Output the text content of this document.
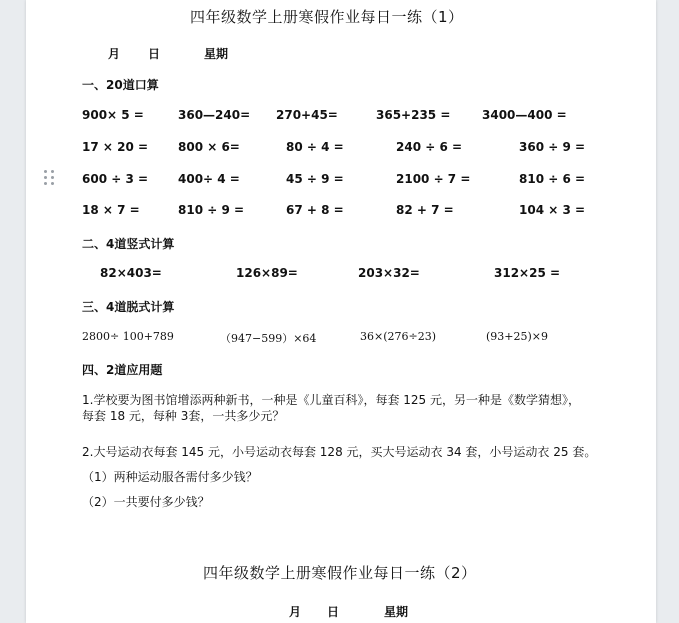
四年级数学上册寒假作业每日一练（1）
月 日	星期
一、20道口算
900× 5 =	360—240= 270+45=	365+235 =	3400—400 =
17 × 20 = 800 × 6=	80 ÷ 4 =	240 ÷ 6 =	360 ÷ 9 =
600 ÷ 3 = 400÷ 4 =	45 ÷ 9 =	2100 ÷ 7 =	810 ÷ 6 =
18 × 7 =	810 ÷ 9 =	67 + 8 =	82 + 7 =	104 × 3 =
二、4道竖式计算
82×403=	126×89=	203×32=	312×25 =
三、4道脱式计算
2800÷ 100+789	（947−599）×64	36×(276÷23)	(93+25)×9
四、2道应用题
1.学校要为图书馆增添两种新书，一种是《儿童百科》，每套 125 元，另一种是《数学猜想》，
每套 18 元，每种 3套，一共多少元？
2.大号运动衣每套 145 元，小号运动衣每套 128 元，买大号运动衣 34 套，小号运动衣 25 套。
（1）两种运动服各需付多少钱？
（2）一共要付多少钱？
四年级数学上册寒假作业每日一练（2）
月 日	星期
